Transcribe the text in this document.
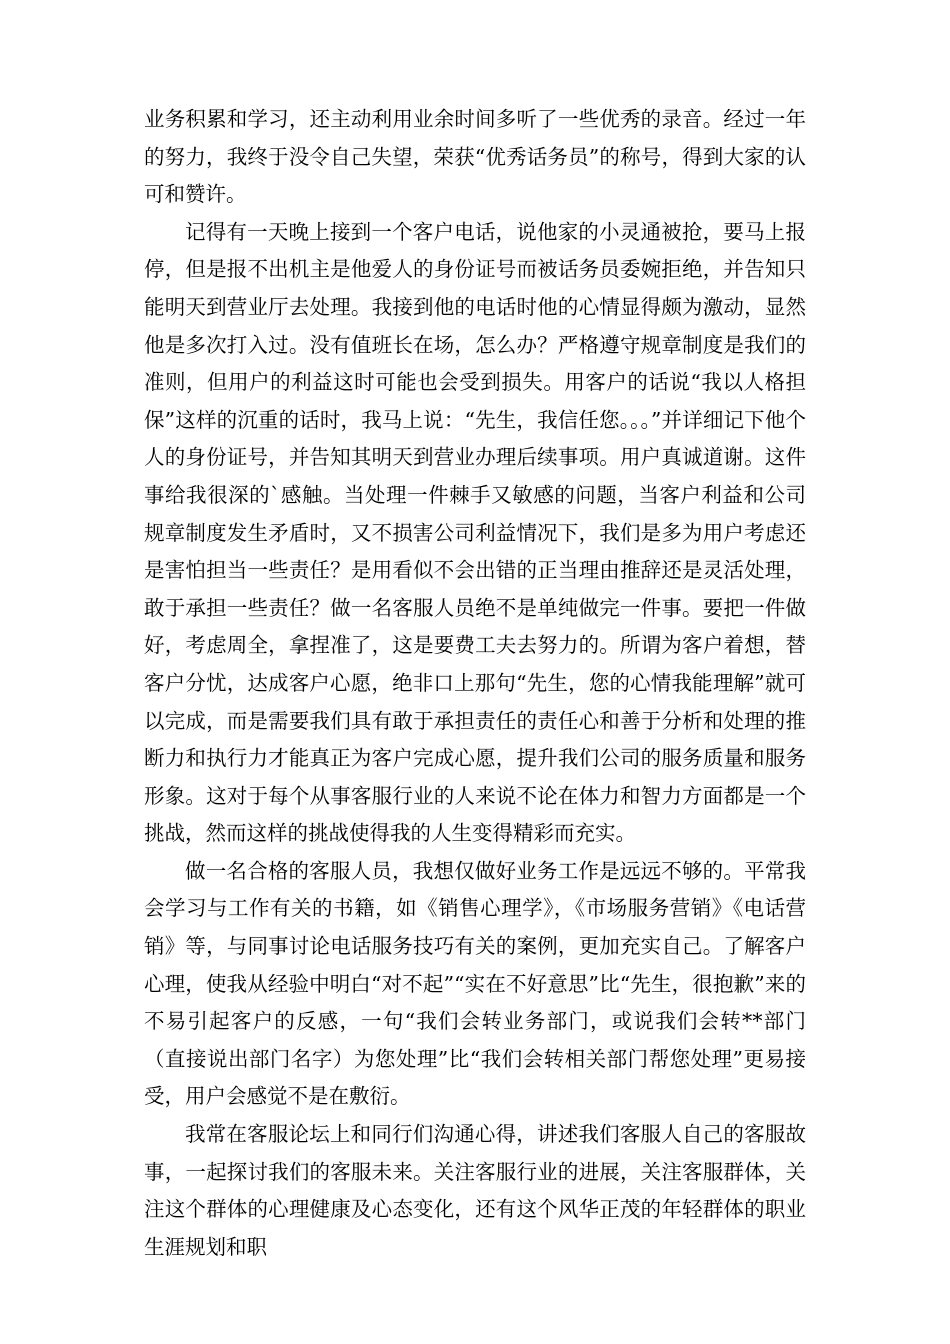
业务积累和学习，还主动利用业余时间多听了一些优秀的录音。经过一年的努力，我终于没令自己失望，荣获“优秀话务员”的称号，得到大家的认可和赞许。

记得有一天晚上接到一个客户电话，说他家的小灵通被抢，要马上报停，但是报不出机主是他爱人的身份证号而被话务员委婉拒绝，并告知只能明天到营业厅去处理。我接到他的电话时他的心情显得颇为激动，显然他是多次打入过。没有值班长在场，怎么办？严格遵守规章制度是我们的准则，但用户的利益这时可能也会受到损失。用客户的话说“我以人格担保”这样的沉重的话时，我马上说：“先生，我信任您。。。”并详细记下他个人的身份证号，并告知其明天到营业办理后续事项。用户真诚道谢。这件事给我很深的`感触。当处理一件棘手又敏感的问题，当客户利益和公司规章制度发生矛盾时，又不损害公司利益情况下，我们是多为用户考虑还是害怕担当一些责任？是用看似不会出错的正当理由推辞还是灵活处理，敢于承担一些责任？做一名客服人员绝不是单纯做完一件事。要把一件做好，考虑周全，拿捏准了，这是要费工夫去努力的。所谓为客户着想，替客户分忧，达成客户心愿，绝非口上那句“先生，您的心情我能理解”就可以完成，而是需要我们具有敢于承担责任的责任心和善于分析和处理的推断力和执行力才能真正为客户完成心愿，提升我们公司的服务质量和服务形象。这对于每个从事客服行业的人来说不论在体力和智力方面都是一个挑战，然而这样的挑战使得我的人生变得精彩而充实。

做一名合格的客服人员，我想仅做好业务工作是远远不够的。平常我会学习与工作有关的书籍，如《销售心理学》，《市场服务营销》《电话营销》等，与同事讨论电话服务技巧有关的案例，更加充实自己。了解客户心理，使我从经验中明白“对不起”“实在不好意思”比“先生，很抱歉”来的不易引起客户的反感，一句“我们会转业务部门，或说我们会转**部门（直接说出部门名字）为您处理”比“我们会转相关部门帮您处理”更易接受，用户会感觉不是在敷衍。

我常在客服论坛上和同行们沟通心得，讲述我们客服人自己的客服故事，一起探讨我们的客服未来。关注客服行业的进展，关注客服群体，关注这个群体的心理健康及心态变化，还有这个风华正茂的年轻群体的职业生涯规划和职
